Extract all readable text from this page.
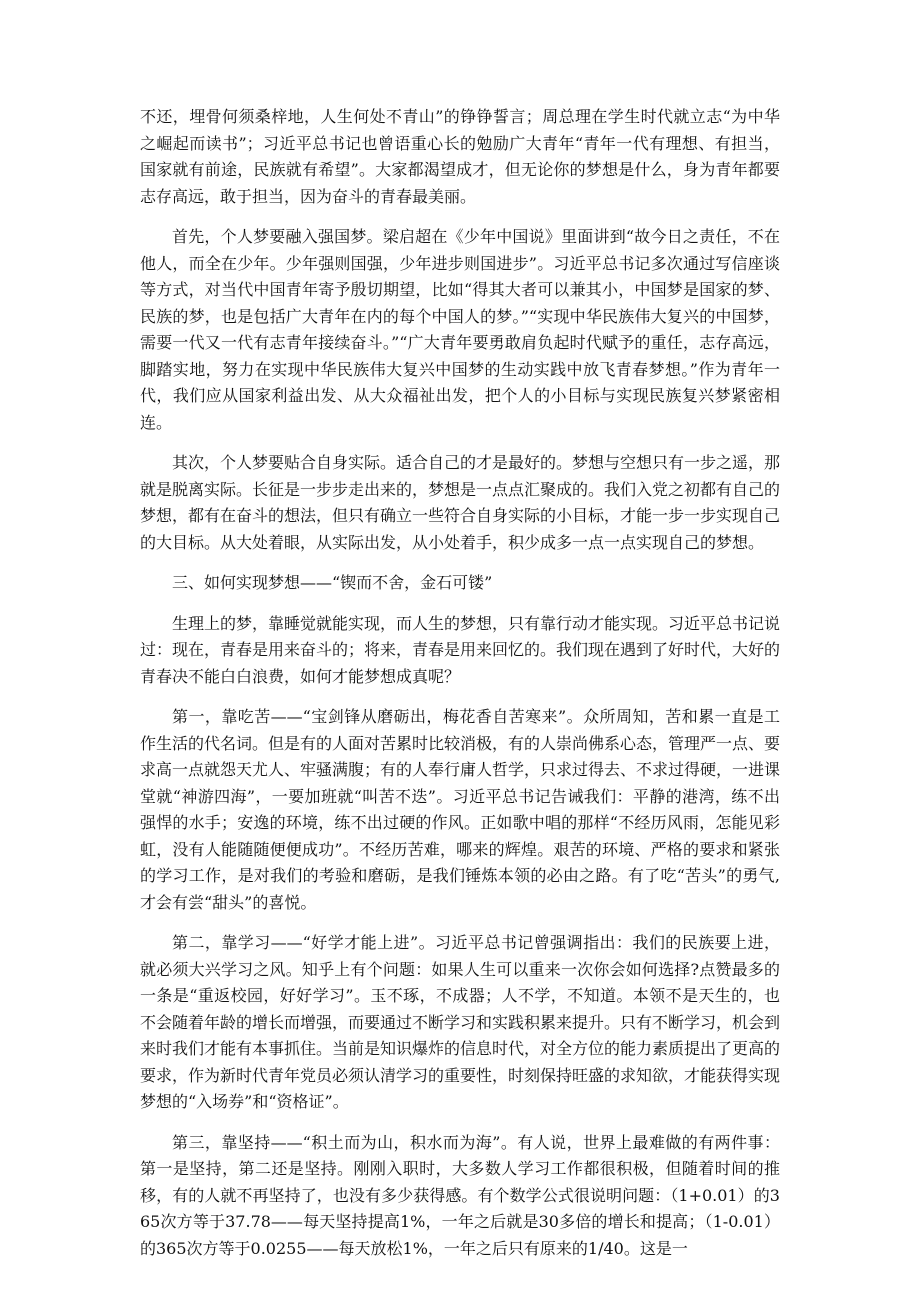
不还，埋骨何须桑梓地，人生何处不青山”的铮铮誓言；周总理在学生时代就立志“为中华之崛起而读书”；习近平总书记也曾语重心长的勉励广大青年“青年一代有理想、有担当，国家就有前途，民族就有希望”。大家都渴望成才，但无论你的梦想是什么，身为青年都要志存高远，敢于担当，因为奋斗的青春最美丽。

首先，个人梦要融入强国梦。梁启超在《少年中国说》里面讲到“故今日之责任，不在他人，而全在少年。少年强则国强，少年进步则国进步”。习近平总书记多次通过写信座谈等方式，对当代中国青年寄予殷切期望，比如“得其大者可以兼其小，中国梦是国家的梦、民族的梦，也是包括广大青年在内的每个中国人的梦。”“实现中华民族伟大复兴的中国梦，需要一代又一代有志青年接续奋斗。”“广大青年要勇敢肩负起时代赋予的重任，志存高远，脚踏实地，努力在实现中华民族伟大复兴中国梦的生动实践中放飞青春梦想。”作为青年一代，我们应从国家利益出发、从大众福祉出发，把个人的小目标与实现民族复兴梦紧密相连。

其次，个人梦要贴合自身实际。适合自己的才是最好的。梦想与空想只有一步之遥，那就是脱离实际。长征是一步步走出来的，梦想是一点点汇聚成的。我们入党之初都有自己的梦想，都有在奋斗的想法，但只有确立一些符合自身实际的小目标，才能一步一步实现自己的大目标。从大处着眼，从实际出发，从小处着手，积少成多一点一点实现自己的梦想。

三、如何实现梦想——“锲而不舍，金石可镂”

生理上的梦，靠睡觉就能实现，而人生的梦想，只有靠行动才能实现。习近平总书记说过：现在，青春是用来奋斗的；将来，青春是用来回忆的。我们现在遇到了好时代，大好的青春决不能白白浪费，如何才能梦想成真呢？

第一，靠吃苦——“宝剑锋从磨砺出，梅花香自苦寒来”。众所周知，苦和累一直是工作生活的代名词。但是有的人面对苦累时比较消极，有的人崇尚佛系心态，管理严一点、要求高一点就怨天尤人、牢骚满腹；有的人奉行庸人哲学，只求过得去、不求过得硬，一进课堂就“神游四海”，一要加班就“叫苦不迭”。习近平总书记告诫我们：平静的港湾，练不出强悍的水手；安逸的环境，练不出过硬的作风。正如歌中唱的那样“不经历风雨，怎能见彩虹，没有人能随随便便成功”。不经历苦难，哪来的辉煌。艰苦的环境、严格的要求和紧张的学习工作，是对我们的考验和磨砺，是我们锤炼本领的必由之路。有了吃“苦头”的勇气,才会有尝“甜头”的喜悦。

第二，靠学习——“好学才能上进”。习近平总书记曾强调指出：我们的民族要上进，就必须大兴学习之风。知乎上有个问题：如果人生可以重来一次你会如何选择?点赞最多的一条是“重返校园，好好学习”。玉不琢，不成器；人不学，不知道。本领不是天生的，也不会随着年龄的增长而增强，而要通过不断学习和实践积累来提升。只有不断学习，机会到来时我们才能有本事抓住。当前是知识爆炸的信息时代，对全方位的能力素质提出了更高的要求，作为新时代青年党员必须认清学习的重要性，时刻保持旺盛的求知欲，才能获得实现梦想的“入场券”和“资格证”。

第三，靠坚持——“积土而为山，积水而为海”。有人说，世界上最难做的有两件事：第一是坚持，第二还是坚持。刚刚入职时，大多数人学习工作都很积极，但随着时间的推移，有的人就不再坚持了，也没有多少获得感。有个数学公式很说明问题：（1+0.01）的365次方等于37.78——每天坚持提高1%，一年之后就是30多倍的增长和提高；（1-0.01）的365次方等于0.0255——每天放松1%，一年之后只有原来的1/40。这是一
